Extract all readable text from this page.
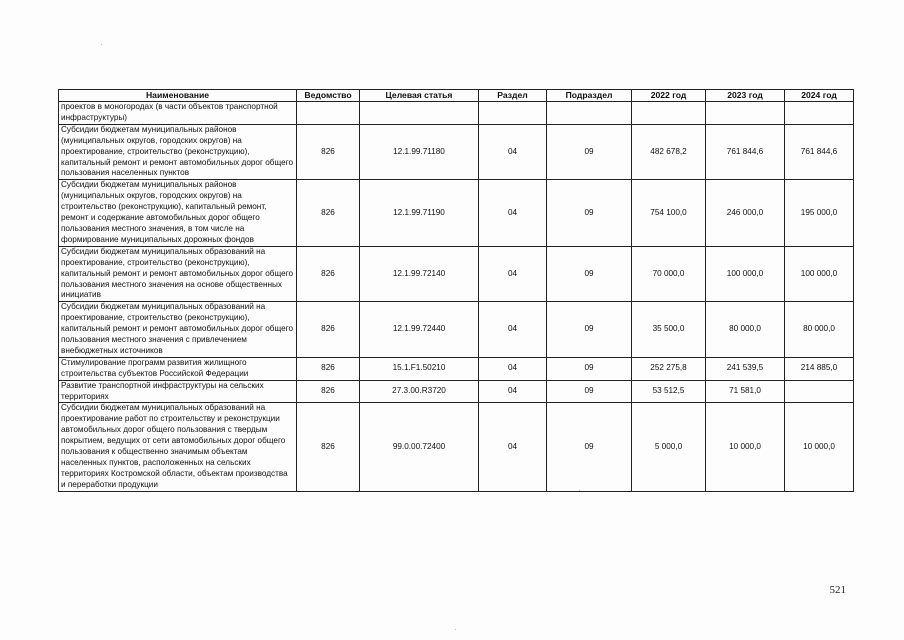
Наименование	Ведомство	Целевая статья	Раздел	Подраздел	2022 год	2023 год	2024 год
проектов в моногородах (в части объектов транспортной инфраструктуры)							
Субсидии бюджетам муниципальных районов (муниципальных округов, городских округов) на проектирование, строительство (реконструкцию), капитальный ремонт и ремонт автомобильных дорог общего пользования населенных пунктов	826	12.1.99.71180	04	09	482 678,2	761 844,6	761 844,6
Субсидии бюджетам муниципальных районов (муниципальных округов, городских округов) на строительство (реконструкцию), капитальный ремонт, ремонт и содержание автомобильных дорог общего пользования местного значения, в том числе на формирование муниципальных дорожных фондов	826	12.1.99.71190	04	09	754 100,0	246 000,0	195 000,0
Субсидии бюджетам муниципальных образований на проектирование, строительство (реконструкцию), капитальный ремонт и ремонт автомобильных дорог общего пользования местного значения на основе общественных инициатив	826	12.1.99.72140	04	09	70 000,0	100 000,0	100 000,0
Субсидии бюджетам муниципальных образований на проектирование, строительство (реконструкцию), капитальный ремонт и ремонт автомобильных дорог общего пользования местного значения с привлечением внебюджетных источников	826	12.1.99.72440	04	09	35 500,0	80 000,0	80 000,0
Стимулирование программ развития жилищного строительства субъектов Российской Федерации	826	15.1.F1.50210	04	09	252 275,8	241 539,5	214 885,0
Развитие транспортной инфраструктуры на сельских территориях	826	27.3.00.R3720	04	09	53 512,5	71 581,0	
Субсидии бюджетам муниципальных образований на проектирование работ по строительству и реконструкции автомобильных дорог общего пользования с твердым покрытием, ведущих от сети автомобильных дорог общего пользования к общественно значимым объектам населенных пунктов, расположенных на сельских территориях Костромской области, объектам производства и переработки продукции	826	99.0.00.72400	04	09	5 000,0	10 000,0	10 000,0
521
